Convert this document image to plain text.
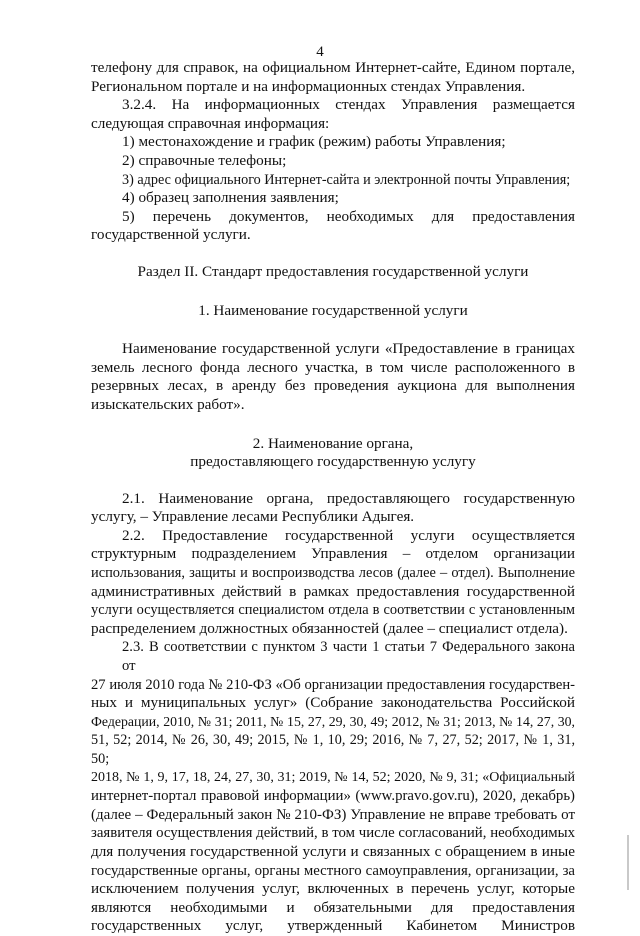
4
телефону для справок, на официальном Интернет-сайте, Едином портале,
Региональном портале и на информационных стендах Управления.
3.2.4. На информационных стендах Управления размещается
следующая справочная информация:
1) местонахождение и график (режим) работы Управления;
2) справочные телефоны;
3) адрес официального Интернет-сайта и электронной почты Управления;
4) образец заполнения заявления;
5) перечень документов, необходимых для предоставления
государственной услуги.
Раздел II. Стандарт предоставления государственной услуги
1. Наименование государственной услуги
Наименование государственной услуги «Предоставление в границах
земель лесного фонда лесного участка, в том числе расположенного в
резервных лесах, в аренду без проведения аукциона для выполнения
изыскательских работ».
2. Наименование органа,
предоставляющего государственную услугу
2.1. Наименование органа, предоставляющего государственную
услугу, – Управление лесами Республики Адыгея.
2.2. Предоставление государственной услуги осуществляется
структурным подразделением Управления – отделом организации
использования, защиты и воспроизводства лесов (далее – отдел). Выполнение
административных действий в рамках предоставления государственной
услуги осуществляется специалистом отдела в соответствии с установленным
распределением должностных обязанностей (далее – специалист отдела).
2.3. В соответствии с пунктом 3 части 1 статьи 7 Федерального закона от
27 июля 2010 года № 210-ФЗ «Об организации предоставления государствен-
ных и муниципальных услуг» (Собрание законодательства Российской
Федерации, 2010, № 31; 2011, № 15, 27, 29, 30, 49; 2012, № 31; 2013, № 14, 27, 30,
51, 52; 2014, № 26, 30, 49; 2015, № 1, 10, 29; 2016, № 7, 27, 52; 2017, № 1, 31, 50;
2018, № 1, 9, 17, 18, 24, 27, 30, 31; 2019, № 14, 52; 2020, № 9, 31; «Официальный
интернет-портал правовой информации» (www.pravo.gov.ru), 2020, декабрь)
(далее – Федеральный закон № 210-ФЗ) Управление не вправе требовать от
заявителя осуществления действий, в том числе согласований, необходимых
для получения государственной услуги и связанных с обращением в иные
государственные органы, органы местного самоуправления, организации, за
исключением получения услуг, включенных в перечень услуг, которые
являются необходимыми и обязательными для предоставления
государственных услуг, утвержденный Кабинетом Министров
